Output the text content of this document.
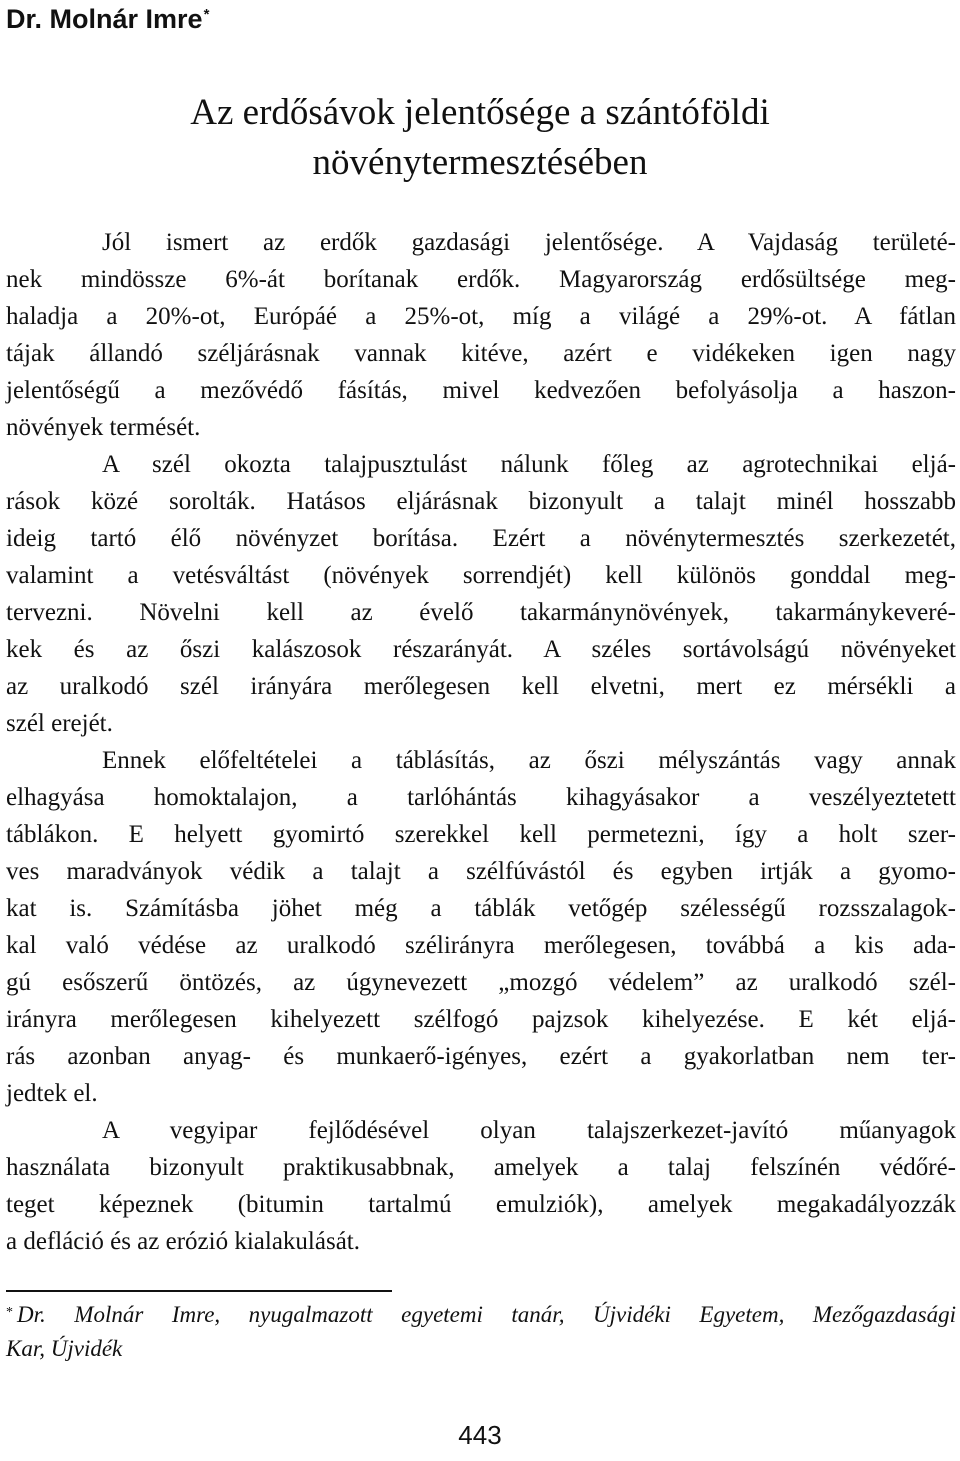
Dr. Molnár Imre*
Az erdősávok jelentősége a szántóföldi
növénytermesztésében
Jól ismert az erdők gazdasági jelentősége. A Vajdaság területé-
nek mindössze 6%-át borítanak erdők. Magyarország erdősültsége meg-
haladja a 20%-ot, Európáé a 25%-ot, míg a világé a 29%-ot. A fátlan
tájak állandó széljárásnak vannak kitéve, azért e vidékeken igen nagy
jelentőségű a mezővédő fásítás, mivel kedvezően befolyásolja a haszon-
növények termését.
A szél okozta talajpusztulást nálunk főleg az agrotechnikai eljá-
rások közé sorolták. Hatásos eljárásnak bizonyult a talajt minél hosszabb
ideig tartó élő növényzet borítása. Ezért a növénytermesztés szerkezetét,
valamint a vetésváltást (növények sorrendjét) kell különös gonddal meg-
tervezni. Növelni kell az évelő takarmánynövények, takarmánykeveré-
kek és az őszi kalászosok részarányát. A széles sortávolságú növényeket
az uralkodó szél irányára merőlegesen kell elvetni, mert ez mérsékli a
szél erejét.
Ennek előfeltételei a táblásítás, az őszi mélyszántás vagy annak
elhagyása homoktalajon, a tarlóhántás kihagyásakor a veszélyeztetett
táblákon. E helyett gyomirtó szerekkel kell permetezni, így a holt szer-
ves maradványok védik a talajt a szélfúvástól és egyben irtják a gyomo-
kat is. Számításba jöhet még a táblák vetőgép szélességű rozsszalagok-
kal való védése az uralkodó szélirányra merőlegesen, továbbá a kis ada-
gú esőszerű öntözés, az úgynevezett „mozgó védelem” az uralkodó szél-
irányra merőlegesen kihelyezett szélfogó pajzsok kihelyezése. E két eljá-
rás azonban anyag- és munkaerő-igényes, ezért a gyakorlatban nem ter-
jedtek el.
A vegyipar fejlődésével olyan talajszerkezet-javító műanyagok
használata bizonyult praktikusabbnak, amelyek a talaj felszínén védőré-
teget képeznek (bitumin tartalmú emulziók), amelyek megakadályozzák
a defláció és az erózió kialakulását.
* Dr. Molnár Imre, nyugalmazott egyetemi tanár, Újvidéki Egyetem, Mezőgazdasági
Kar, Újvidék
443
